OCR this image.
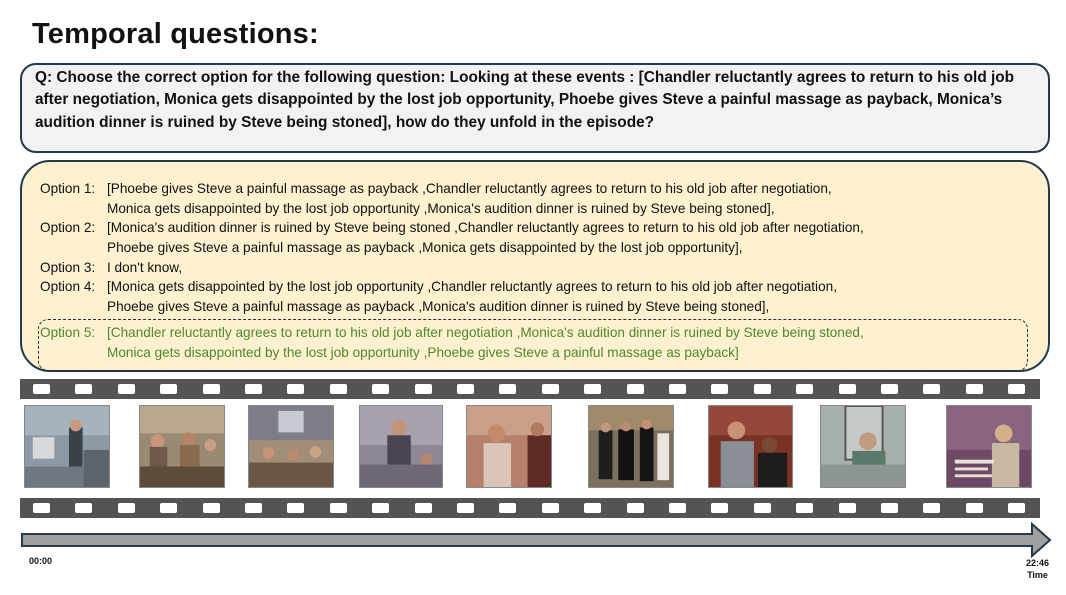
Temporal questions:
Q: Choose the correct option for the following question: Looking at these events : [Chandler reluctantly agrees to return to his old job after negotiation, Monica gets disappointed by the lost job opportunity, Phoebe gives Steve a painful massage as payback, Monica’s audition dinner is ruined by Steve being stoned], how do they unfold in the episode?
Option 1: [Phoebe gives Steve a painful massage as payback ,Chandler reluctantly agrees to return to his old job after negotiation,
Monica gets disappointed by the lost job opportunity ,Monica's audition dinner is ruined by Steve being stoned],
Option 2: [Monica's audition dinner is ruined by Steve being stoned ,Chandler reluctantly agrees to return to his old job after negotiation,
Phoebe gives Steve a painful massage as payback ,Monica gets disappointed by the lost job opportunity],
Option 3: I don't know,
Option 4: [Monica gets disappointed by the lost job opportunity ,Chandler reluctantly agrees to return to his old job after negotiation,
Phoebe gives Steve a painful massage as payback ,Monica's audition dinner is ruined by Steve being stoned],
Option 5: [Chandler reluctantly agrees to return to his old job after negotiation ,Monica's audition dinner is ruined by Steve being stoned,
Monica gets disappointed by the lost job opportunity ,Phoebe gives Steve a painful massage as payback]
00:00	22:46
Time
